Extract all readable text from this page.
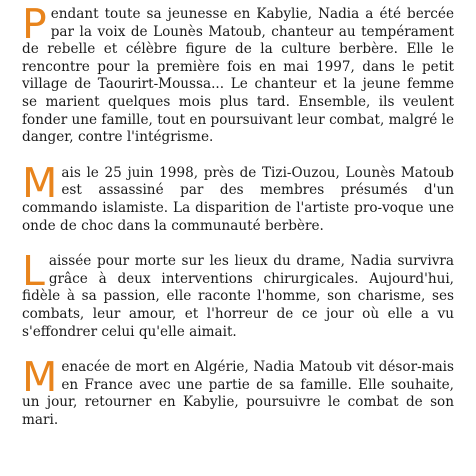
Pendant toute sa jeunesse en Kabylie, Nadia a été bercée par la voix de Lounès Matoub, chanteur au tempérament de rebelle et célèbre figure de la culture berbère. Elle le rencontre pour la première fois en mai 1997, dans le petit village de Taourirt-Moussa... Le chanteur et la jeune femme se marient quelques mois plus tard. Ensemble, ils veulent fonder une famille, tout en poursuivant leur combat, malgré le danger, contre l'intégrisme.

Mais le 25 juin 1998, près de Tizi-Ouzou, Lounès Matoub est assassiné par des membres présumés d'un commando islamiste. La disparition de l'artiste pro-voque une onde de choc dans la communauté berbère.

Laissée pour morte sur les lieux du drame, Nadia survivra grâce à deux interventions chirurgicales. Aujourd'hui, fidèle à sa passion, elle raconte l'homme, son charisme, ses combats, leur amour, et l'horreur de ce jour où elle a vu s'effondrer celui qu'elle aimait.

Menacée de mort en Algérie, Nadia Matoub vit désor-mais en France avec une partie de sa famille. Elle souhaite, un jour, retourner en Kabylie, poursuivre le combat de son mari.
